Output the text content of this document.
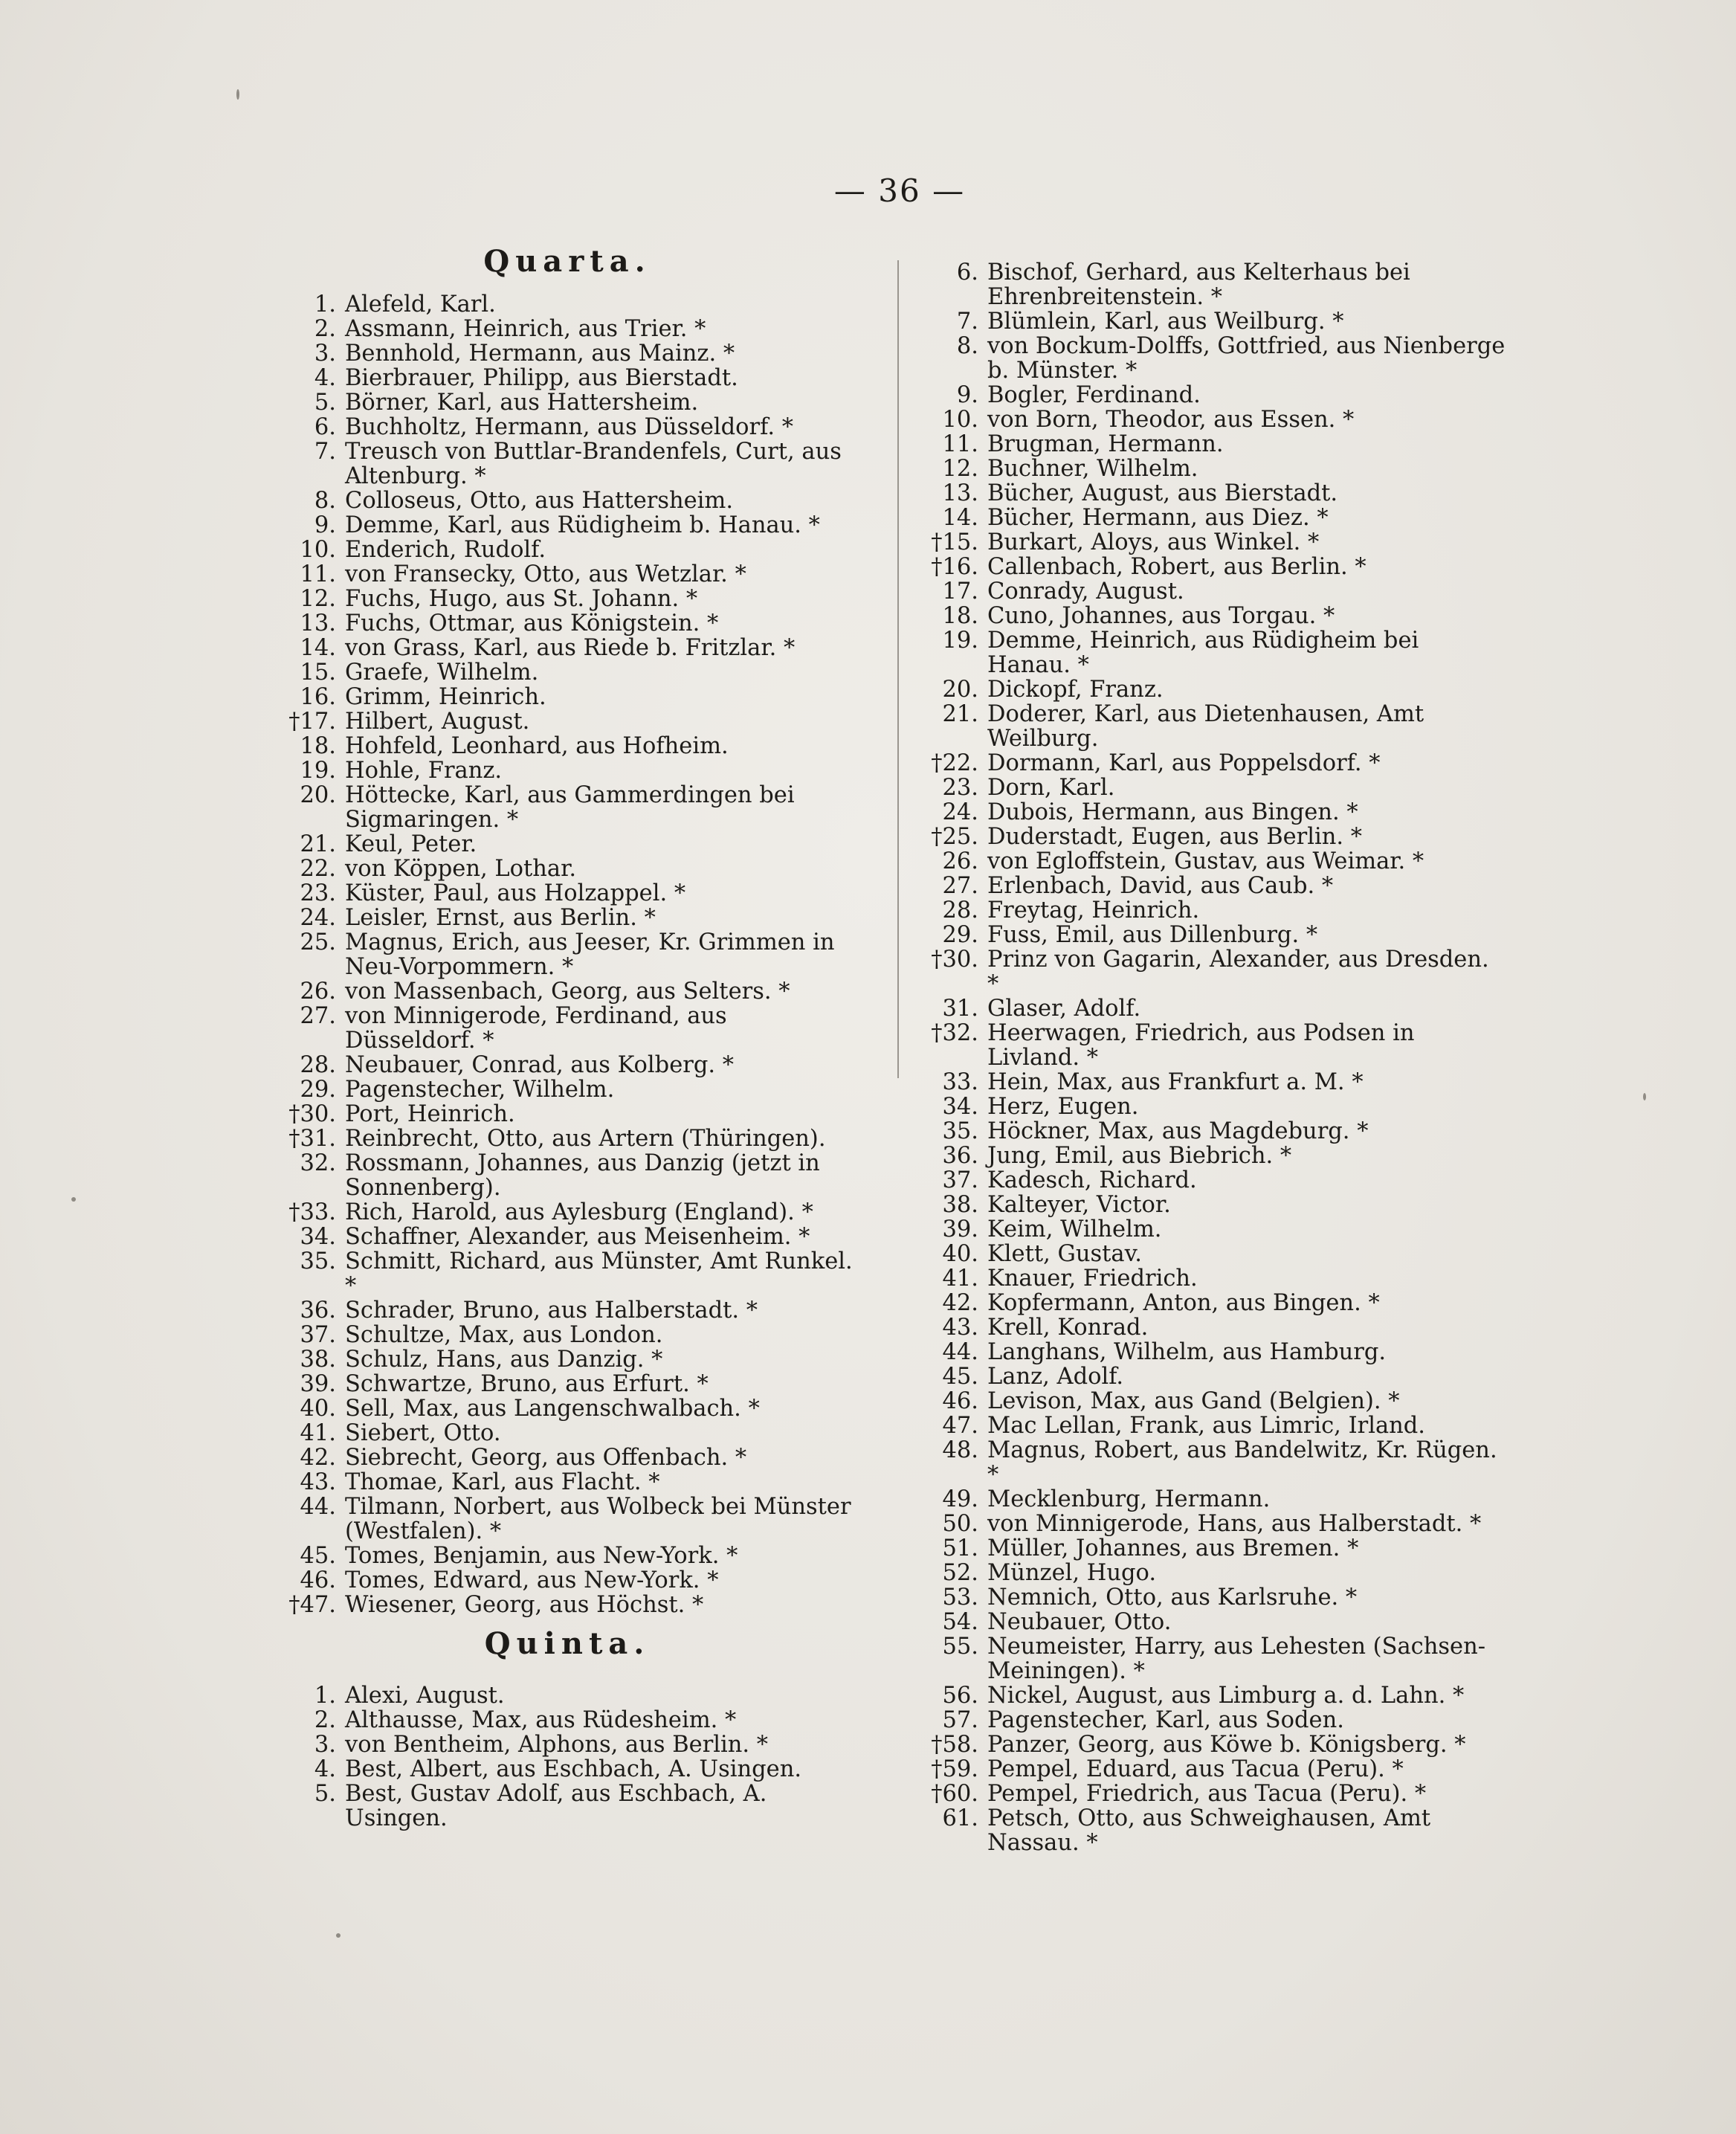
— 36 —
Quarta.
1. Alefeld, Karl.
2. Assmann, Heinrich, aus Trier. *
3. Bennhold, Hermann, aus Mainz. *
4. Bierbrauer, Philipp, aus Bierstadt.
5. Börner, Karl, aus Hattersheim.
6. Buchholtz, Hermann, aus Düsseldorf. *
7. Treusch von Buttlar-Brandenfels, Curt, aus Altenburg. *
8. Colloseus, Otto, aus Hattersheim.
9. Demme, Karl, aus Rüdigheim b. Hanau. *
10. Enderich, Rudolf.
11. von Fransecky, Otto, aus Wetzlar. *
12. Fuchs, Hugo, aus St. Johann. *
13. Fuchs, Ottmar, aus Königstein. *
14. von Grass, Karl, aus Riede b. Fritzlar. *
15. Graefe, Wilhelm.
16. Grimm, Heinrich.
†17. Hilbert, August.
18. Hohfeld, Leonhard, aus Hofheim.
19. Hohle, Franz.
20. Höttecke, Karl, aus Gammerdingen bei Sigmaringen. *
21. Keul, Peter.
22. von Köppen, Lothar.
23. Küster, Paul, aus Holzappel. *
24. Leisler, Ernst, aus Berlin. *
25. Magnus, Erich, aus Jeeser, Kr. Grimmen in Neu-Vorpommern. *
26. von Massenbach, Georg, aus Selters. *
27. von Minnigerode, Ferdinand, aus Düsseldorf. *
28. Neubauer, Conrad, aus Kolberg. *
29. Pagenstecher, Wilhelm.
†30. Port, Heinrich.
†31. Reinbrecht, Otto, aus Artern (Thüringen).
32. Rossmann, Johannes, aus Danzig (jetzt in Sonnenberg).
†33. Rich, Harold, aus Aylesburg (England). *
34. Schaffner, Alexander, aus Meisenheim. *
35. Schmitt, Richard, aus Münster, Amt Runkel. *
36. Schrader, Bruno, aus Halberstadt. *
37. Schultze, Max, aus London.
38. Schulz, Hans, aus Danzig. *
39. Schwartze, Bruno, aus Erfurt. *
40. Sell, Max, aus Langenschwalbach. *
41. Siebert, Otto.
42. Siebrecht, Georg, aus Offenbach. *
43. Thomae, Karl, aus Flacht. *
44. Tilmann, Norbert, aus Wolbeck bei Münster (Westfalen). *
45. Tomes, Benjamin, aus New-York. *
46. Tomes, Edward, aus New-York. *
†47. Wiesener, Georg, aus Höchst. *
Quinta.
1. Alexi, August.
2. Althausse, Max, aus Rüdesheim. *
3. von Bentheim, Alphons, aus Berlin. *
4. Best, Albert, aus Eschbach, A. Usingen.
5. Best, Gustav Adolf, aus Eschbach, A. Usingen.
6. Bischof, Gerhard, aus Kelterhaus bei Ehrenbreitenstein. *
7. Blümlein, Karl, aus Weilburg. *
8. von Bockum-Dolffs, Gottfried, aus Nienberge b. Münster. *
9. Bogler, Ferdinand.
10. von Born, Theodor, aus Essen. *
11. Brugman, Hermann.
12. Buchner, Wilhelm.
13. Bücher, August, aus Bierstadt.
14. Bücher, Hermann, aus Diez. *
†15. Burkart, Aloys, aus Winkel. *
†16. Callenbach, Robert, aus Berlin. *
17. Conrady, August.
18. Cuno, Johannes, aus Torgau. *
19. Demme, Heinrich, aus Rüdigheim bei Hanau. *
20. Dickopf, Franz.
21. Doderer, Karl, aus Dietenhausen, Amt Weilburg.
†22. Dormann, Karl, aus Poppelsdorf. *
23. Dorn, Karl.
24. Dubois, Hermann, aus Bingen. *
†25. Duderstadt, Eugen, aus Berlin. *
26. von Egloffstein, Gustav, aus Weimar. *
27. Erlenbach, David, aus Caub. *
28. Freytag, Heinrich.
29. Fuss, Emil, aus Dillenburg. *
†30. Prinz von Gagarin, Alexander, aus Dresden. *
31. Glaser, Adolf.
†32. Heerwagen, Friedrich, aus Podsen in Livland. *
33. Hein, Max, aus Frankfurt a. M. *
34. Herz, Eugen.
35. Höckner, Max, aus Magdeburg. *
36. Jung, Emil, aus Biebrich. *
37. Kadesch, Richard.
38. Kalteyer, Victor.
39. Keim, Wilhelm.
40. Klett, Gustav.
41. Knauer, Friedrich.
42. Kopfermann, Anton, aus Bingen. *
43. Krell, Konrad.
44. Langhans, Wilhelm, aus Hamburg.
45. Lanz, Adolf.
46. Levison, Max, aus Gand (Belgien). *
47. Mac Lellan, Frank, aus Limric, Irland.
48. Magnus, Robert, aus Bandelwitz, Kr. Rügen. *
49. Mecklenburg, Hermann.
50. von Minnigerode, Hans, aus Halberstadt. *
51. Müller, Johannes, aus Bremen. *
52. Münzel, Hugo.
53. Nemnich, Otto, aus Karlsruhe. *
54. Neubauer, Otto.
55. Neumeister, Harry, aus Lehesten (Sachsen-Meiningen). *
56. Nickel, August, aus Limburg a. d. Lahn. *
57. Pagenstecher, Karl, aus Soden.
†58. Panzer, Georg, aus Köwe b. Königsberg. *
†59. Pempel, Eduard, aus Tacua (Peru). *
†60. Pempel, Friedrich, aus Tacua (Peru). *
61. Petsch, Otto, aus Schweighausen, Amt Nassau. *
